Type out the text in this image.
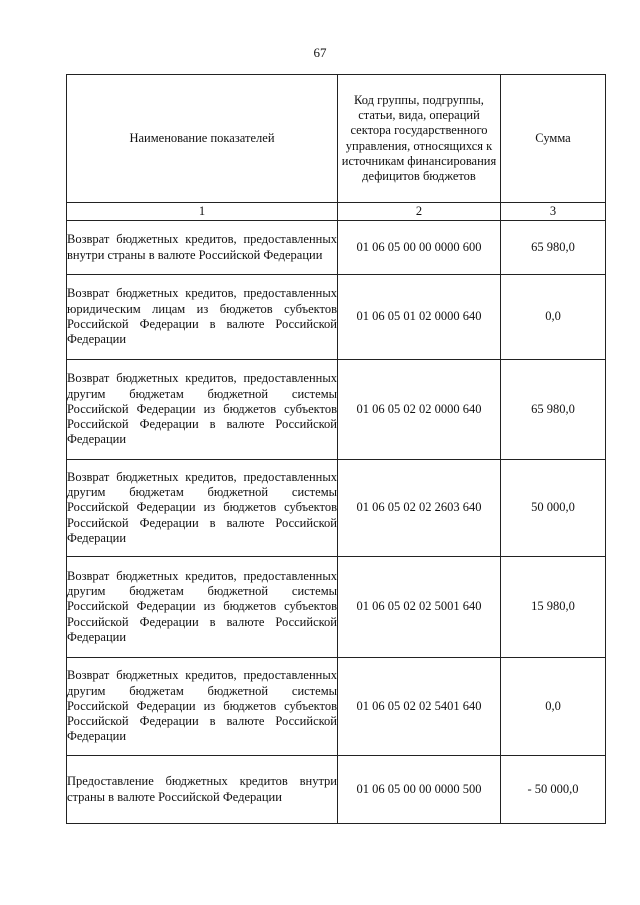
67
Наименование показателей	Код группы, подгруппы, статьи, вида, операций сектора государственного управления, относящихся к источникам финансирования дефицитов бюджетов	Сумма
1	2	3
Возврат бюджетных кредитов, предоставленных внутри страны в валюте Российской Федерации	01 06 05 00 00 0000 600	65 980,0
Возврат бюджетных кредитов, предоставленных юридическим лицам из бюджетов субъектов Российской Федерации в валюте Российской Федерации	01 06 05 01 02 0000 640	0,0
Возврат бюджетных кредитов, предоставленных другим бюджетам бюджетной системы Российской Федерации из бюджетов субъектов Российской Федерации в валюте Российской Федерации	01 06 05 02 02 0000 640	65 980,0
Возврат бюджетных кредитов, предоставленных другим бюджетам бюджетной системы Российской Федерации из бюджетов субъектов Российской Федерации в валюте Российской Федерации	01 06 05 02 02 2603 640	50 000,0
Возврат бюджетных кредитов, предоставленных другим бюджетам бюджетной системы Российской Федерации из бюджетов субъектов Российской Федерации в валюте Российской Федерации	01 06 05 02 02 5001 640	15 980,0
Возврат бюджетных кредитов, предоставленных другим бюджетам бюджетной системы Российской Федерации из бюджетов субъектов Российской Федерации в валюте Российской Федерации	01 06 05 02 02 5401 640	0,0
Предоставление бюджетных кредитов внутри страны в валюте Российской Федерации	01 06 05 00 00 0000 500	- 50 000,0
